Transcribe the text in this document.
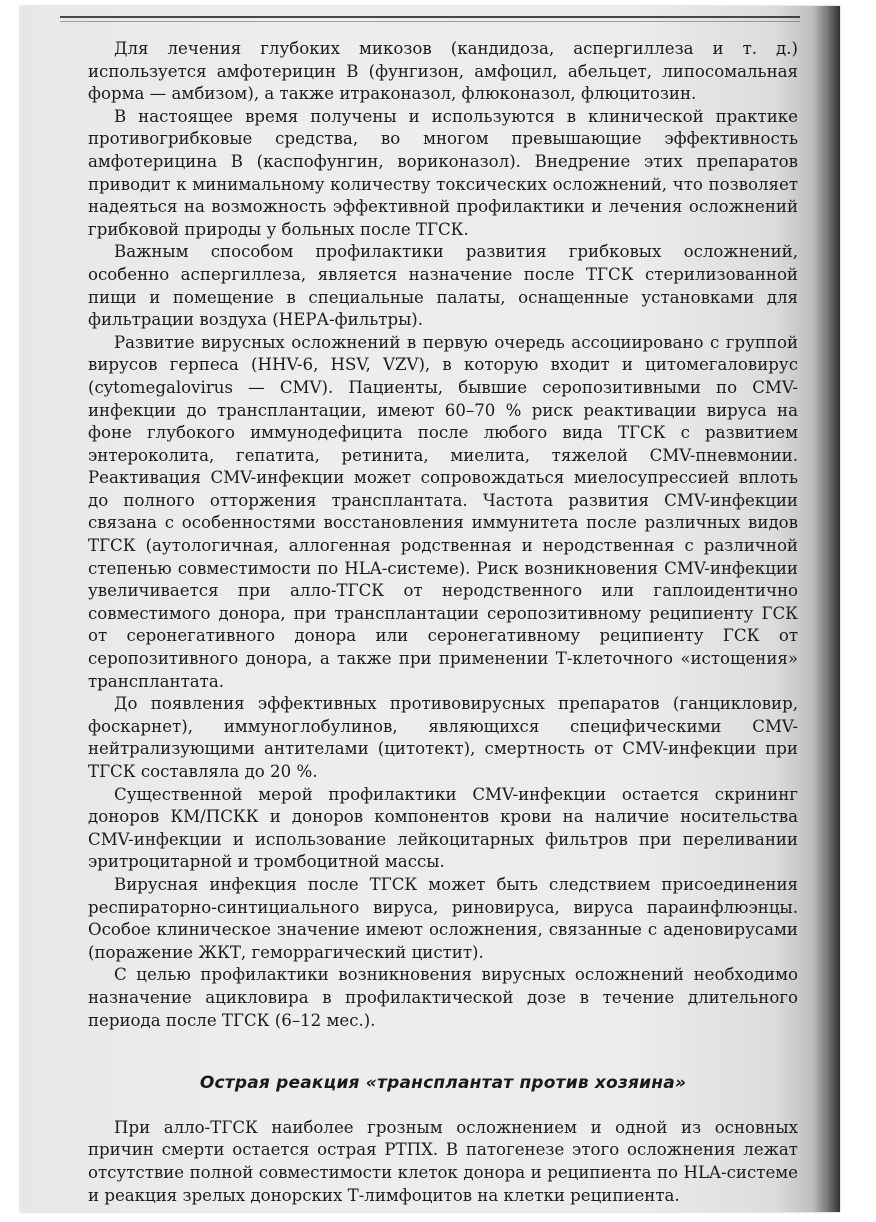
Для лечения глубоких микозов (кандидоза, аспергиллеза и т. д.) используется амфотерицин В (фунгизон, амфоцил, абельцет, липосомальная форма — амбизом), а также итраконазол, флюконазол, флюцитозин.

В настоящее время получены и используются в клинической практике противогрибковые средства, во многом превышающие эффективность амфотерицина В (каспофунгин, вориконазол). Внедрение этих препаратов приводит к минимальному количеству токсических осложнений, что позволяет надеяться на возможность эффективной профилактики и лечения осложнений грибковой природы у больных после ТГСК.

Важным способом профилактики развития грибковых осложнений, особенно аспергиллеза, является назначение после ТГСК стерилизованной пищи и помещение в специальные палаты, оснащенные установками для фильтрации воздуха (НЕРА-фильтры).

Развитие вирусных осложнений в первую очередь ассоциировано с группой вирусов герпеса (HHV-6, HSV, VZV), в которую входит и цитомегаловирус (cytomegalovirus — CMV). Пациенты, бывшие серопозитивными по CMV-инфекции до трансплантации, имеют 60–70 % риск реактивации вируса на фоне глубокого иммунодефицита после любого вида ТГСК с развитием энтероколита, гепатита, ретинита, миелита, тяжелой CMV-пневмонии. Реактивация CMV-инфекции может сопровождаться миелосупрессией вплоть до полного отторжения трансплантата. Частота развития CMV-инфекции связана с особенностями восстановления иммунитета после различных видов ТГСК (аутологичная, аллогенная родственная и неродственная с различной степенью совместимости по HLA-системе). Риск возникновения CMV-инфекции увеличивается при алло-ТГСК от неродственного или гаплоидентично совместимого донора, при трансплантации серопозитивному реципиенту ГСК от серонегативного донора или серонегативному реципиенту ГСК от серопозитивного донора, а также при применении Т-клеточного «истощения» трансплантата.

До появления эффективных противовирусных препаратов (ганцикловир, фоскарнет), иммуноглобулинов, являющихся специфическими CMV-нейтрализующими антителами (цитотект), смертность от CMV-инфекции при ТГСК составляла до 20 %.

Существенной мерой профилактики CMV-инфекции остается скрининг доноров КМ/ПСКК и доноров компонентов крови на наличие носительства CMV-инфекции и использование лейкоцитарных фильтров при переливании эритроцитарной и тромбоцитной массы.

Вирусная инфекция после ТГСК может быть следствием присоединения респираторно-синтициального вируса, риновируса, вируса параинфлюэнцы. Особое клиническое значение имеют осложнения, связанные с аденовирусами (поражение ЖКТ, геморрагический цистит).

С целью профилактики возникновения вирусных осложнений необходимо назначение ацикловира в профилактической дозе в течение длительного периода после ТГСК (6–12 мес.).

Острая реакция «трансплантат против хозяина»

При алло-ТГСК наиболее грозным осложнением и одной из основных причин смерти остается острая РТПХ. В патогенезе этого осложнения лежат отсутствие полной совместимости клеток донора и реципиента по HLA-системе и реакция зрелых донорских Т-лимфоцитов на клетки реципиента.
